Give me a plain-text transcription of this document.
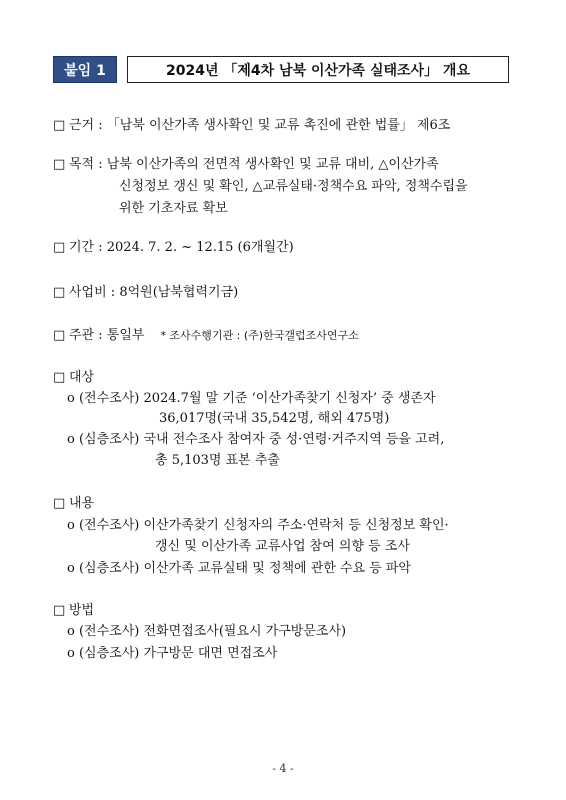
붙임 1	2024년 「제4차 남북 이산가족 실태조사」 개요
□ 근거 : 「남북 이산가족 생사확인 및 교류 촉진에 관한 법률」 제6조
□ 목적 : 남북 이산가족의 전면적 생사확인 및 교류 대비, △이산가족
신청정보 갱신 및 확인, △교류실태·정책수요 파악, 정책수립을
위한 기초자료 확보
□ 기간 : 2024. 7. 2. ~ 12.15 (6개월간)
□ 사업비 : 8억원(남북협력기금)
□ 주관 : 통일부 * 조사수행기관 : (주)한국갤럽조사연구소
□ 대상
o (전수조사) 2024.7월 말 기준 ‘이산가족찾기 신청자’ 중 생존자
36,017명(국내 35,542명, 해외 475명)
o (심층조사) 국내 전수조사 참여자 중 성·연령·거주지역 등을 고려,
총 5,103명 표본 추출
□ 내용
o (전수조사) 이산가족찾기 신청자의 주소·연락처 등 신청정보 확인·
갱신 및 이산가족 교류사업 참여 의향 등 조사
o (심층조사) 이산가족 교류실태 및 정책에 관한 수요 등 파악
□ 방법
o (전수조사) 전화면접조사(필요시 가구방문조사)
o (심층조사) 가구방문 대면 면접조사
- 4 -
